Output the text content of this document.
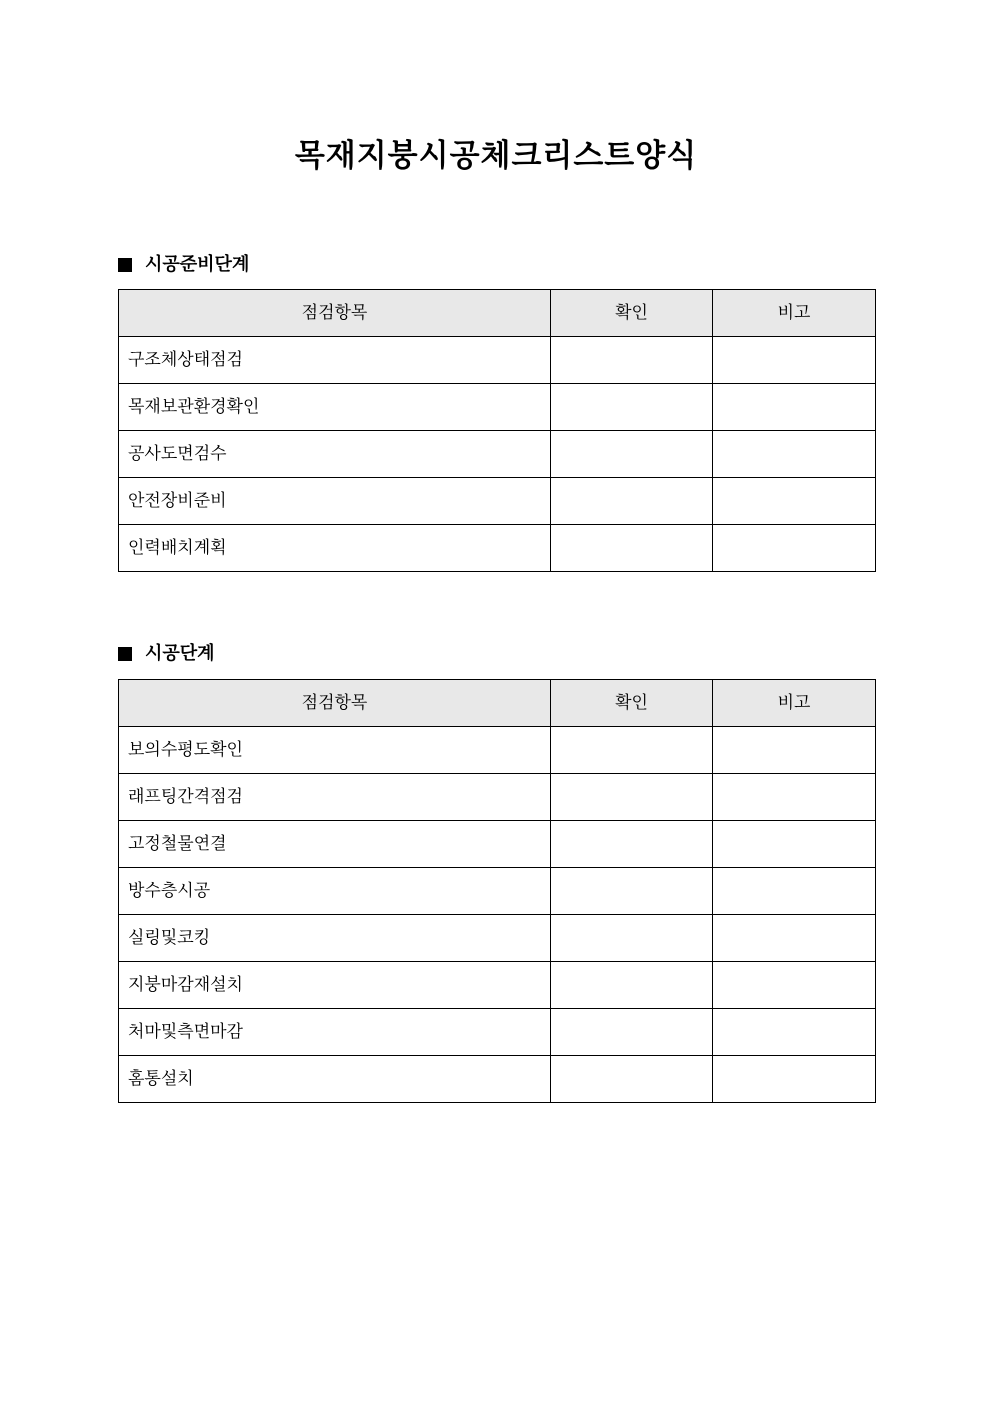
목재지붕시공체크리스트양식
시공준비단계
점검항목	확인	비고
구조체상태점검		
목재보관환경확인		
공사도면검수		
안전장비준비		
인력배치계획		
시공단계
점검항목	확인	비고
보의수평도확인		
래프팅간격점검		
고정철물연결		
방수층시공		
실링및코킹		
지붕마감재설치		
처마및측면마감		
홈통설치		
